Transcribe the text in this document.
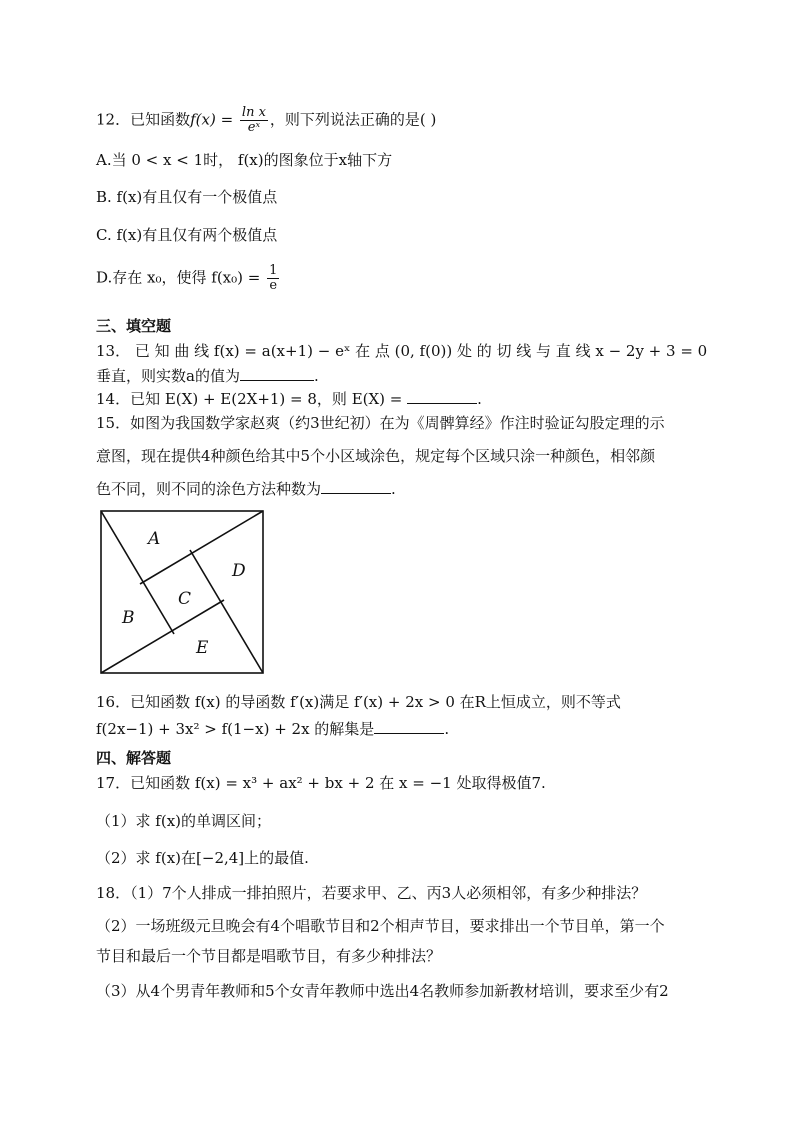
12．已知函数$f(x) = \frac{\text{ln x}}{\text{eˣ}}$ ，则下列说法正确的是( )
A.当 0 < x < 1时， f(x)的图象位于x轴下方
B. f(x)有且仅有一个极值点
C. f(x)有且仅有两个极值点
D.存在 x₀，使得 $f(x_0) = \frac{1}{e}$
三、填空题
13． 已 知 曲 线 f(x) = a(x+1) − eˣ 在 点 (0, f(0)) 处 的 切 线 与 直 线 x − 2y + 3 = 0
垂直，则实数a的值为	.
14．已知 E(X) + E(2X+1) = 8，则 E(X) =	.
15．如图为我国数学家赵爽（约3世纪初）在为《周髀算经》作注时验证勾股定理的示
意图，现在提供4种颜色给其中5个小区域涂色，规定每个区域只涂一种颜色，相邻颜
色不同，则不同的涂色方法种数为	.
A
B
C
D
E
16．已知函数 f(x) 的导函数 f′(x)满足 f′(x) + 2x > 0 在R上恒成立，则不等式
f(2x−1) + 3x² > f(1−x) + 2x 的解集是	.
四、解答题
17．已知函数 f(x) = x³ + ax² + bx + 2 在 x = −1 处取得极值7.
（1）求 f(x)的单调区间；
（2）求 f(x)在[−2,4]上的最值.
18．（1）7个人排成一排拍照片，若要求甲、乙、丙3人必须相邻，有多少种排法？
（2）一场班级元旦晚会有4个唱歌节目和2个相声节目，要求排出一个节目单，第一个
节目和最后一个节目都是唱歌节目，有多少种排法？
（3）从4个男青年教师和5个女青年教师中选出4名教师参加新教材培训，要求至少有2
